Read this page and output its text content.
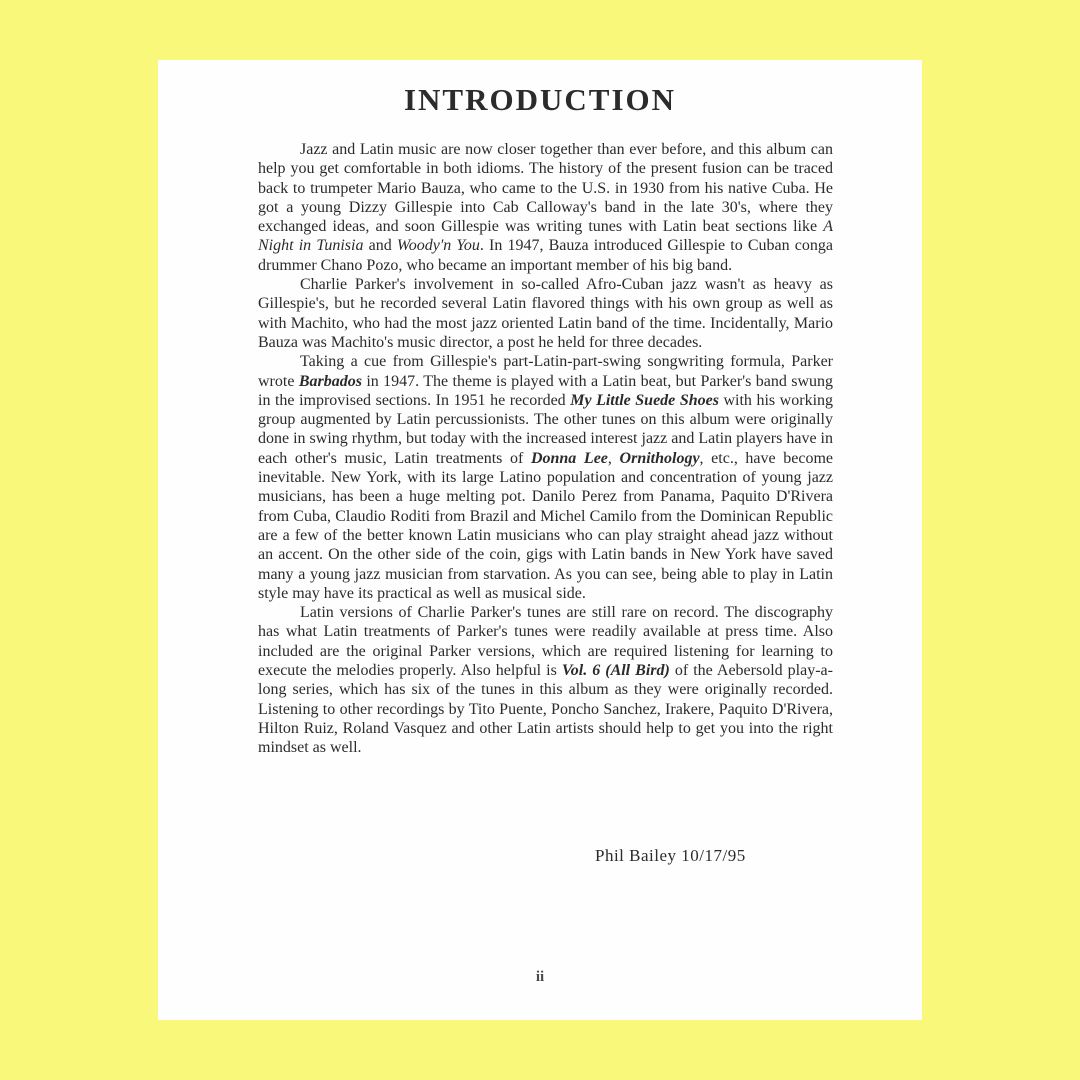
INTRODUCTION

Jazz and Latin music are now closer together than ever before, and this album can help you get comfortable in both idioms. The history of the present fusion can be traced back to trumpeter Mario Bauza, who came to the U.S. in 1930 from his native Cuba. He got a young Dizzy Gillespie into Cab Calloway's band in the late 30's, where they exchanged ideas, and soon Gillespie was writing tunes with Latin beat sections like A Night in Tunisia and Woody'n You. In 1947, Bauza introduced Gillespie to Cuban conga drummer Chano Pozo, who became an important member of his big band.

Charlie Parker's involvement in so-called Afro-Cuban jazz wasn't as heavy as Gillespie's, but he recorded several Latin flavored things with his own group as well as with Machito, who had the most jazz oriented Latin band of the time. Incidentally, Mario Bauza was Machito's music director, a post he held for three decades.

Taking a cue from Gillespie's part-Latin-part-swing songwriting formula, Parker wrote Barbados in 1947. The theme is played with a Latin beat, but Parker's band swung in the improvised sections. In 1951 he recorded My Little Suede Shoes with his working group augmented by Latin percussionists. The other tunes on this album were originally done in swing rhythm, but today with the increased interest jazz and Latin players have in each other's music, Latin treatments of Donna Lee, Ornithology, etc., have become inevitable. New York, with its large Latino population and concentration of young jazz musicians, has been a huge melting pot. Danilo Perez from Panama, Paquito D'Rivera from Cuba, Claudio Roditi from Brazil and Michel Camilo from the Dominican Republic are a few of the better known Latin musicians who can play straight ahead jazz without an accent. On the other side of the coin, gigs with Latin bands in New York have saved many a young jazz musician from starvation. As you can see, being able to play in Latin style may have its practical as well as musical side.

Latin versions of Charlie Parker's tunes are still rare on record. The discography has what Latin treatments of Parker's tunes were readily available at press time. Also included are the original Parker versions, which are required listening for learning to execute the melodies properly. Also helpful is Vol. 6 (All Bird) of the Aebersold play-a-long series, which has six of the tunes in this album as they were originally recorded. Listening to other recordings by Tito Puente, Poncho Sanchez, Irakere, Paquito D'Rivera, Hilton Ruiz, Roland Vasquez and other Latin artists should help to get you into the right mindset as well.

Phil Bailey 10/17/95
ii
